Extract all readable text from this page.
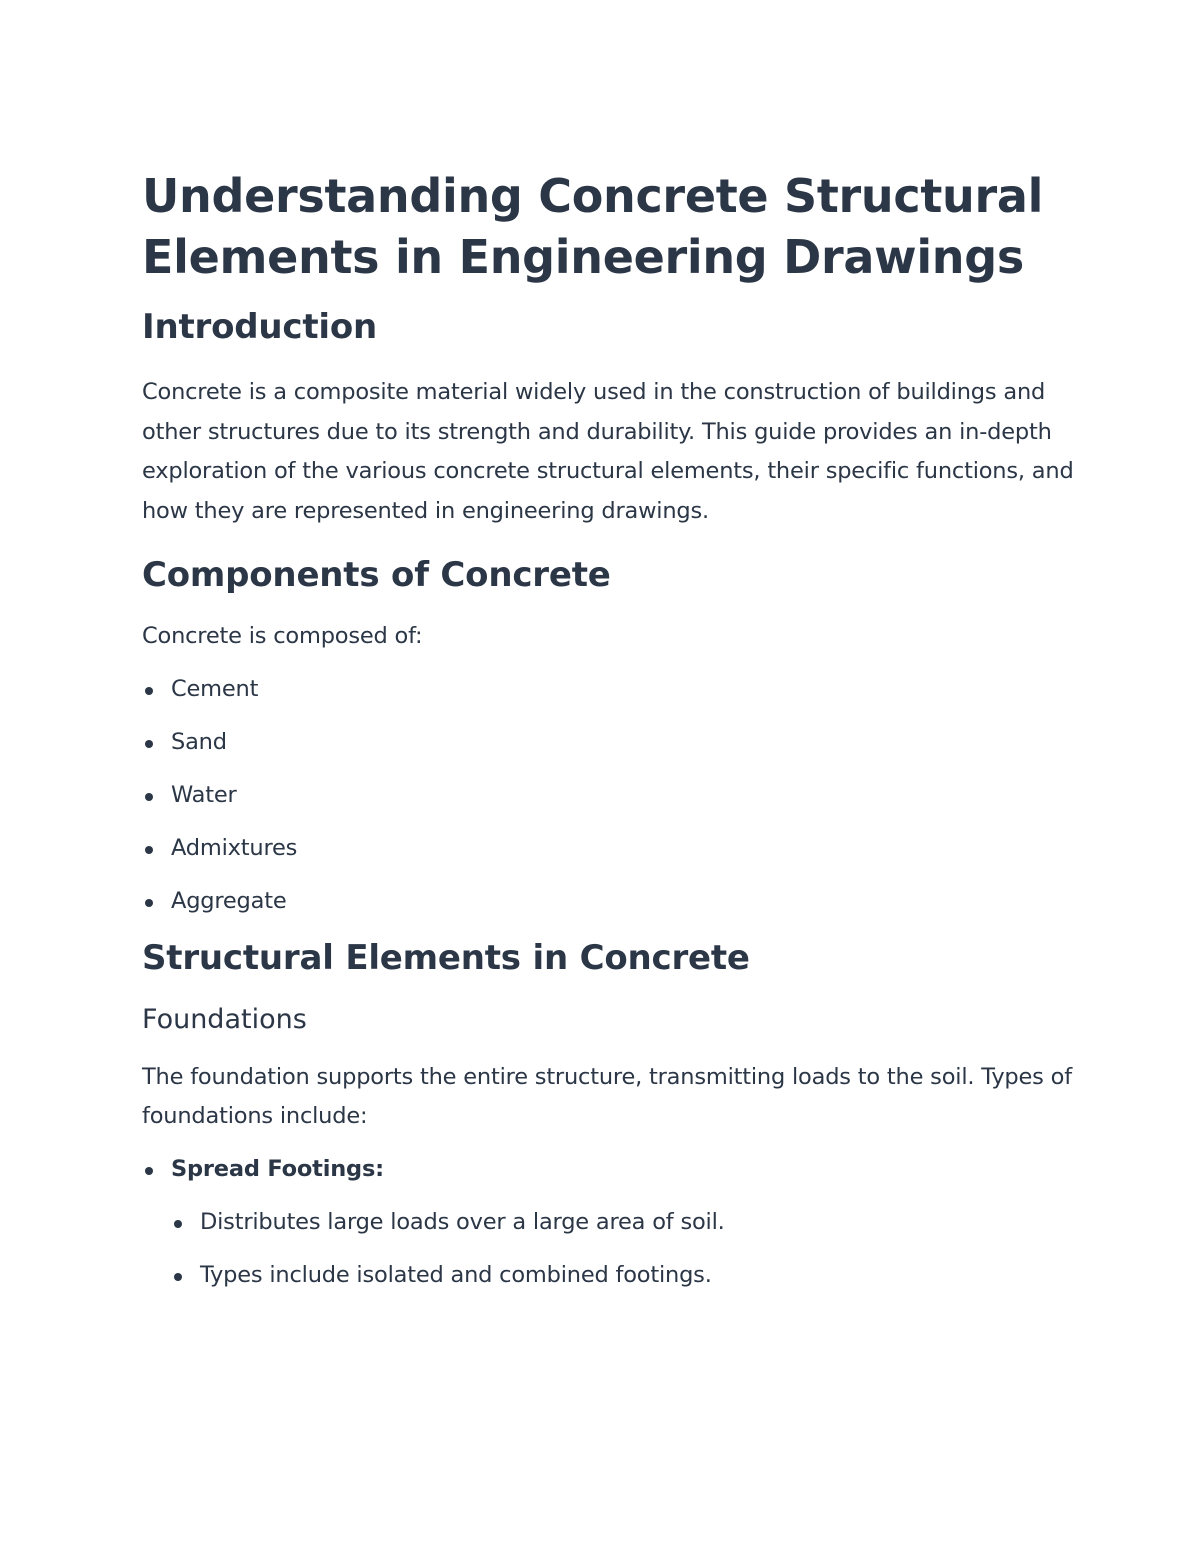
Understanding Concrete Structural Elements in Engineering Drawings
Introduction

Concrete is a composite material widely used in the construction of buildings and other structures due to its strength and durability. This guide provides an in-depth exploration of the various concrete structural elements, their specific functions, and how they are represented in engineering drawings.

Components of Concrete

Concrete is composed of:

Cement
Sand
Water
Admixtures
Aggregate
Structural Elements in Concrete
Foundations

The foundation supports the entire structure, transmitting loads to the soil. Types of foundations include:

Spread Footings:
Distributes large loads over a large area of soil.
Types include isolated and combined footings.
